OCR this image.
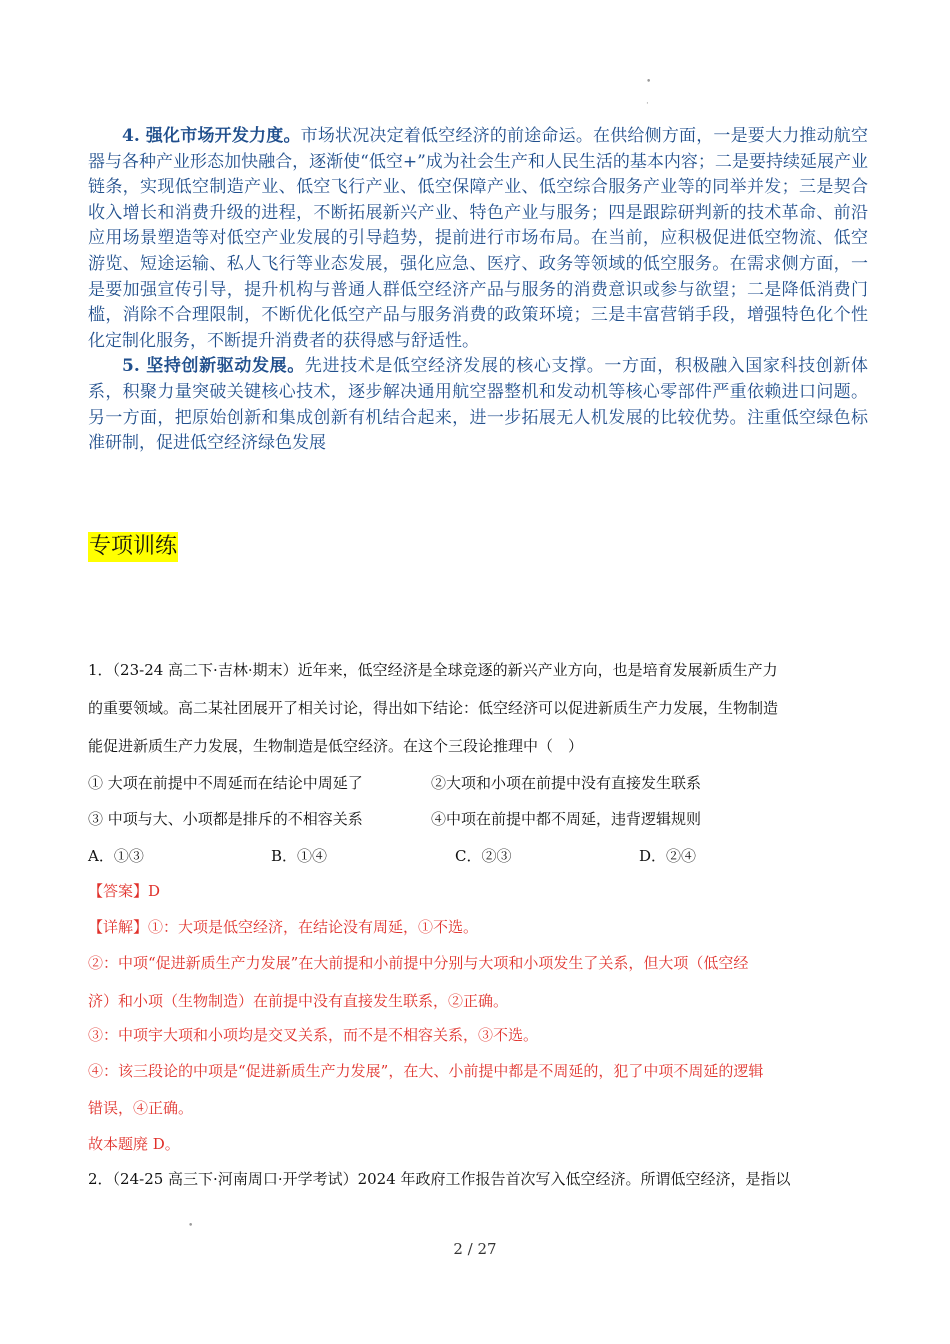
•
·

4. 强化市场开发力度。市场状况决定着低空经济的前途命运。在供给侧方面，一是要大力推动航空器与各种产业形态加快融合，逐渐使“低空+”成为社会生产和人民生活的基本内容；二是要持续延展产业链条，实现低空制造产业、低空飞行产业、低空保障产业、低空综合服务产业等的同举并发；三是契合收入增长和消费升级的进程，不断拓展新兴产业、特色产业与服务；四是跟踪研判新的技术革命、前沿应用场景塑造等对低空产业发展的引导趋势，提前进行市场布局。在当前，应积极促进低空物流、低空游览、短途运输、私人飞行等业态发展，强化应急、医疗、政务等领域的低空服务。在需求侧方面，一是要加强宣传引导，提升机构与普通人群低空经济产品与服务的消费意识或参与欲望；二是降低消费门槛，消除不合理限制，不断优化低空产品与服务消费的政策环境；三是丰富营销手段，增强特色化个性化定制化服务，不断提升消费者的获得感与舒适性。

5. 坚持创新驱动发展。先进技术是低空经济发展的核心支撑。一方面，积极融入国家科技创新体系，积聚力量突破关键核心技术，逐步解决通用航空器整机和发动机等核心零部件严重依赖进口问题。另一方面，把原始创新和集成创新有机结合起来，进一步拓展无人机发展的比较优势。注重低空绿色标准研制，促进低空经济绿色发展

专项训练
1．（23-24 高二下·吉林·期末）近年来，低空经济是全球竞逐的新兴产业方向，也是培育发展新质生产力
的重要领域。高二某社团展开了相关讨论，得出如下结论：低空经济可以促进新质生产力发展，生物制造
能促进新质生产力发展，生物制造是低空经济。在这个三段论推理中（　）
① 大项在前提中不周延而在结论中周延了	②大项和小项在前提中没有直接发生联系
③ 中项与大、小项都是排斥的不相容关系	④中项在前提中都不周延，违背逻辑规则
A．①③	B．①④	C．②③	D．②④
【答案】D
【详解】①：大项是低空经济，在结论没有周延，①不选。
②：中项“促进新质生产力发展”在大前提和小前提中分别与大项和小项发生了关系，但大项（低空经
济）和小项（生物制造）在前提中没有直接发生联系，②正确。
③：中项宇大项和小项均是交叉关系，而不是不相容关系，③不选。
④：该三段论的中项是“促进新质生产力发展”，在大、小前提中都是不周延的，犯了中项不周延的逻辑
错误，④正确。
故本题廃 D。
2．（24-25 高三下·河南周口·开学考试）2024 年政府工作报告首次写入低空经济。所谓低空经济，是指以
•
2 / 27
